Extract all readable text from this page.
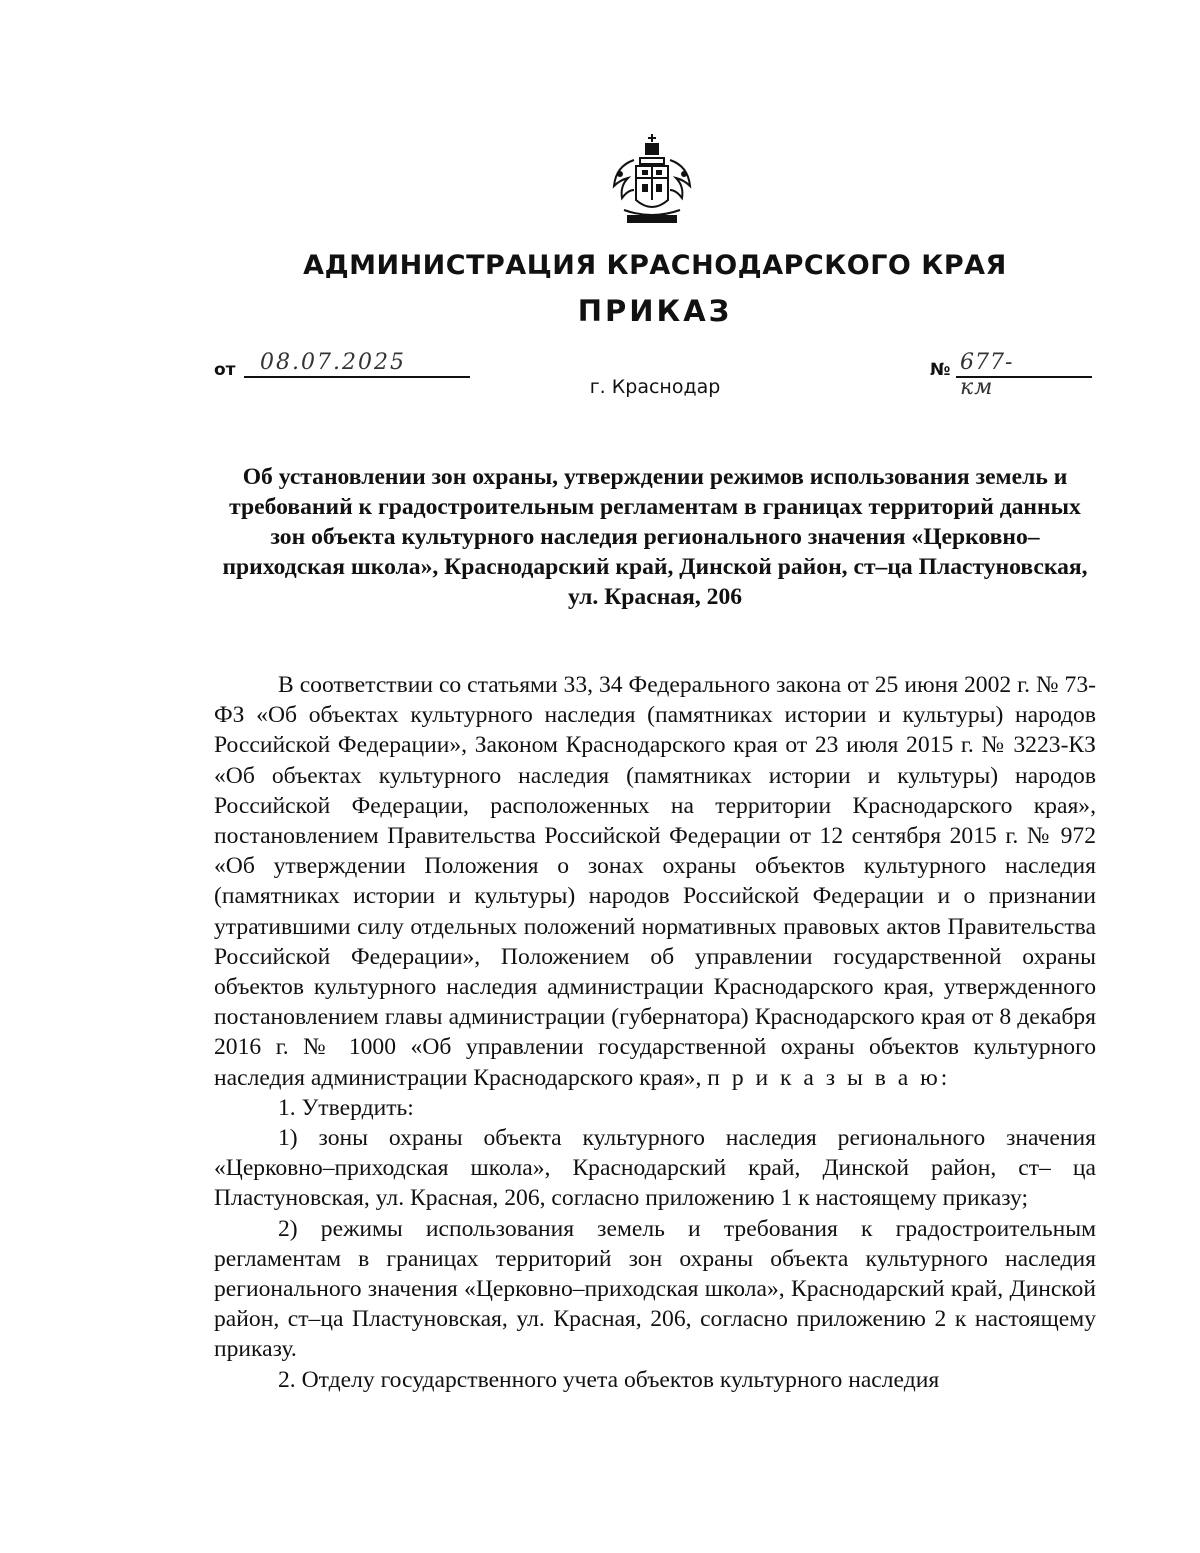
АДМИНИСТРАЦИЯ КРАСНОДАРСКОГО КРАЯ
ПРИКАЗ
от 08.07.2025	№ 677-км
г. Краснодар
Об установлении зон охраны, утверждении режимов использования земель и требований к градостроительным регламентам в границах территорий данных зон объекта культурного наследия регионального значения «Церковно–приходская школа», Краснодарский край, Динской район, ст–ца Пластуновская, ул. Красная, 206

В соответствии со статьями 33, 34 Федерального закона от 25 июня 2002 г. № 73-ФЗ «Об объектах культурного наследия (памятниках истории и культуры) народов Российской Федерации», Законом Краснодарского края от 23 июля 2015 г. № 3223-КЗ «Об объектах культурного наследия (памятниках истории и культуры) народов Российской Федерации, расположенных на территории Краснодарского края», постановлением Правительства Российской Федерации от 12 сентября 2015 г. № 972 «Об утверждении Положения о зонах охраны объектов культурного наследия (памятниках истории и культуры) народов Российской Федерации и о признании утратившими силу отдельных положений нормативных правовых актов Правительства Российской Федерации», Положением об управлении государственной охраны объектов культурного наследия администрации Краснодарского края, утвержденного постановлением главы администрации (губернатора) Краснодарского края от 8 декабря 2016 г. № 1000 «Об управлении государственной охраны объектов культурного наследия администрации Краснодарского края», п р и к а з ы в а ю:

1. Утвердить:

1) зоны охраны объекта культурного наследия регионального значения «Церковно–приходская школа», Краснодарский край, Динской район, ст– ца Пластуновская, ул. Красная, 206, согласно приложению 1 к настоящему приказу;

2) режимы использования земель и требования к градостроительным регламентам в границах территорий зон охраны объекта культурного наследия регионального значения «Церковно–приходская школа», Краснодарский край, Динской район, ст–ца Пластуновская, ул. Красная, 206, согласно приложению 2 к настоящему приказу.

2. Отделу государственного учета объектов культурного наследия
